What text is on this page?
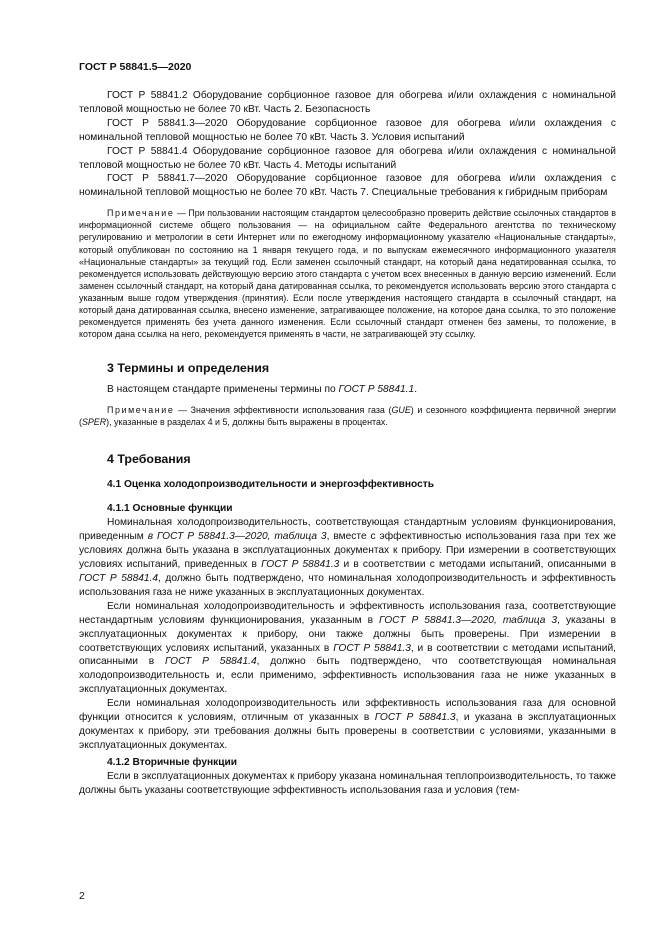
ГОСТ Р 58841.5—2020

ГОСТ Р 58841.2 Оборудование сорбционное газовое для обогрева и/или охлаждения с номинальной тепловой мощностью не более 70 кВт. Часть 2. Безопасность

ГОСТ Р 58841.3—2020 Оборудование сорбционное газовое для обогрева и/или охлаждения с номинальной тепловой мощностью не более 70 кВт. Часть 3. Условия испытаний

ГОСТ Р 58841.4 Оборудование сорбционное газовое для обогрева и/или охлаждения с номинальной тепловой мощностью не более 70 кВт. Часть 4. Методы испытаний

ГОСТ Р 58841.7—2020 Оборудование сорбционное газовое для обогрева и/или охлаждения с номинальной тепловой мощностью не более 70 кВт. Часть 7. Специальные требования к гибридным приборам

Примечание — При пользовании настоящим стандартом целесообразно проверить действие ссылочных стандартов в информационной системе общего пользования — на официальном сайте Федерального агентства по техническому регулированию и метрологии в сети Интернет или по ежегодному информационному указателю «Национальные стандарты», который опубликован по состоянию на 1 января текущего года, и по выпускам ежемесячного информационного указателя «Национальные стандарты» за текущий год. Если заменен ссылочный стандарт, на который дана недатированная ссылка, то рекомендуется использовать действующую версию этого стандарта с учетом всех внесенных в данную версию изменений. Если заменен ссылочный стандарт, на который дана датированная ссылка, то рекомендуется использовать версию этого стандарта с указанным выше годом утверждения (принятия). Если после утверждения настоящего стандарта в ссылочный стандарт, на который дана датированная ссылка, внесено изменение, затрагивающее положение, на которое дана ссылка, то это положение рекомендуется применять без учета данного изменения. Если ссылочный стандарт отменен без замены, то положение, в котором дана ссылка на него, рекомендуется применять в части, не затрагивающей эту ссылку.

3 Термины и определения

В настоящем стандарте применены термины по ГОСТ Р 58841.1.

Примечание — Значения эффективности использования газа (GUE) и сезонного коэффициента первичной энергии (SPER), указанные в разделах 4 и 5, должны быть выражены в процентах.

4 Требования
4.1 Оценка холодопроизводительности и энергоэффективность
4.1.1 Основные функции

Номинальная холодопроизводительность, соответствующая стандартным условиям функционирования, приведенным в ГОСТ Р 58841.3—2020, таблица 3, вместе с эффективностью использования газа при тех же условиях должна быть указана в эксплуатационных документах к прибору. При измерении в соответствующих условиях испытаний, приведенных в ГОСТ Р 58841.3 и в соответствии с методами испытаний, описанными в ГОСТ Р 58841.4, должно быть подтверждено, что номинальная холодопроизводительность и эффективность использования газа не ниже указанных в эксплуатационных документах.

Если номинальная холодопроизводительность и эффективность использования газа, соответствующие нестандартным условиям функционирования, указанным в ГОСТ Р 58841.3—2020, таблица 3, указаны в эксплуатационных документах к прибору, они также должны быть проверены. При измерении в соответствующих условиях испытаний, указанных в ГОСТ Р 58841.3, и в соответствии с методами испытаний, описанными в ГОСТ Р 58841.4, должно быть подтверждено, что соответствующая номинальная холодопроизводительность и, если применимо, эффективность использования газа не ниже указанных в эксплуатационных документах.

Если номинальная холодопроизводительность или эффективность использования газа для основной функции относится к условиям, отличным от указанных в ГОСТ Р 58841.3, и указана в эксплуатационных документах к прибору, эти требования должны быть проверены в соответствии с условиями, указанными в эксплуатационных документах.

4.1.2 Вторичные функции

Если в эксплуатационных документах к прибору указана номинальная теплопроизводительность, то также должны быть указаны соответствующие эффективность использования газа и условия (тем-

2
